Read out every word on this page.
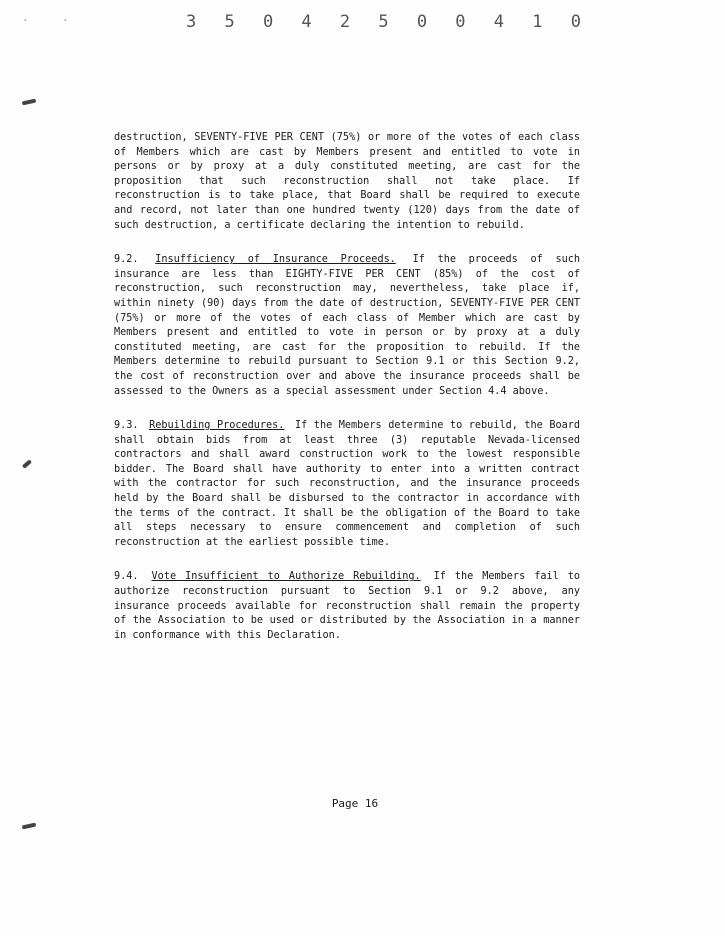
3 5 0 4 2 5 0 0 4 1 0
·	·

destruction, SEVENTY-FIVE PER CENT (75%) or more of the votes of each class of Members which are cast by Members present and entitled to vote in persons or by proxy at a duly constituted meeting, are cast for the proposition that such reconstruction shall not take place. If reconstruction is to take place, that Board shall be required to execute and record, not later than one hundred twenty (120) days from the date of such destruction, a certificate declaring the intention to rebuild.

9.2. Insufficiency of Insurance Proceeds. If the proceeds of such insurance are less than EIGHTY-FIVE PER CENT (85%) of the cost of reconstruction, such reconstruction may, nevertheless, take place if, within ninety (90) days from the date of destruction, SEVENTY-FIVE PER CENT (75%) or more of the votes of each class of Member which are cast by Members present and entitled to vote in person or by proxy at a duly constituted meeting, are cast for the proposition to rebuild. If the Members determine to rebuild pursuant to Section 9.1 or this Section 9.2, the cost of reconstruction over and above the insurance proceeds shall be assessed to the Owners as a special assessment under Section 4.4 above.

9.3. Rebuilding Procedures. If the Members determine to rebuild, the Board shall obtain bids from at least three (3) reputable Nevada-licensed contractors and shall award construction work to the lowest responsible bidder. The Board shall have authority to enter into a written contract with the contractor for such reconstruction, and the insurance proceeds held by the Board shall be disbursed to the contractor in accordance with the terms of the contract. It shall be the obligation of the Board to take all steps necessary to ensure commencement and completion of such reconstruction at the earliest possible time.

9.4. Vote Insufficient to Authorize Rebuilding. If the Members fail to authorize reconstruction pursuant to Section 9.1 or 9.2 above, any insurance proceeds available for reconstruction shall remain the property of the Association to be used or distributed by the Association in a manner in conformance with this Declaration.

Page 16
